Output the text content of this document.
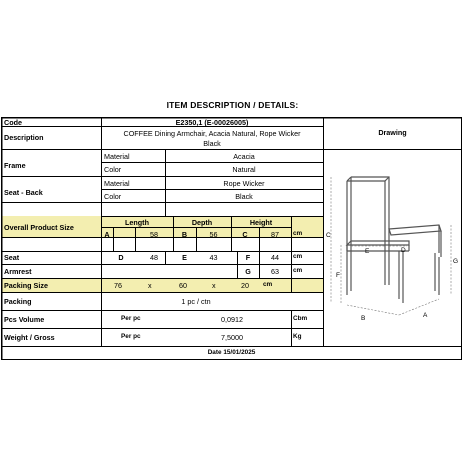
ITEM DESCRIPTION / DETAILS:
Code	E2350,1 (E-00026005)
Description	COFFEE Dining Armchair, Acacia Natural, Rope Wicker
Black
Drawing
Frame
Material	Acacia
Color	Natural
Seat - Back
Material	Rope Wicker
Color	Black
Overall Product Size
Length	Depth	Height
A	58	B	56	C	87	cm
Seat	D	48	E	43	F	44	cm
Armrest	G	63	cm
Packing Size	76	x	60	x	20 cm
Packing	1 pc / ctn
Pcs Volume	Per pc	0,0912	Cbm
Weight / Gross	Per pc	7,5000	Kg
Date 15/01/2025
C
F
G
E	D
B	A
